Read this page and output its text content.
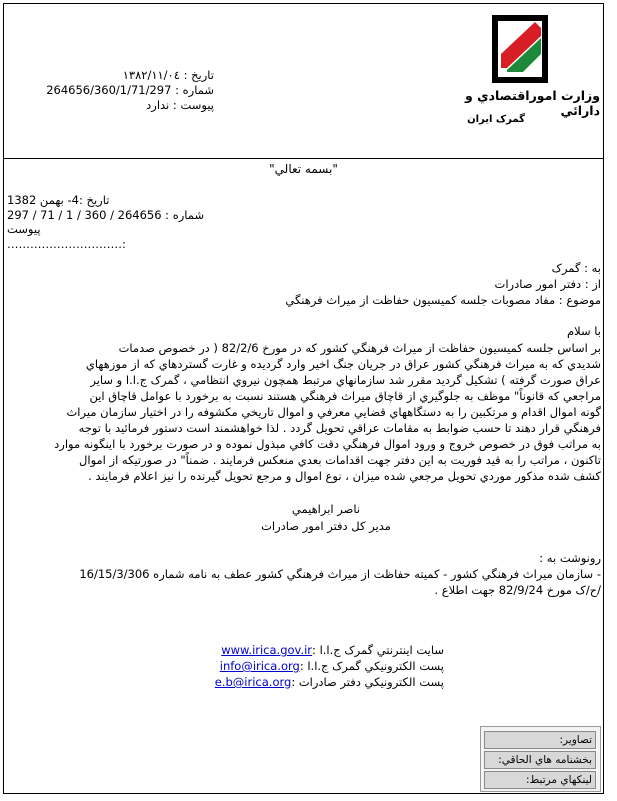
وزارت اموراقتصادي و دارائي
گمرک ايران
تاريخ : ١٣٨٢/١١/٠٤
شماره : 264656/360/1/71/297
پيوست : ندارد
"بسمه تعالي"
تاريخ :4- بهمن 1382
شماره : 264656 / 360 / 1 / 71 / 297
پيوست
…………………………:
به : گمرک
از : دفتر امور صادرات
موضوع : مفاد مصوبات جلسه کميسيون حفاظت از ميراث فرهنگي
با سلام
بر اساس جلسه کميسيون حفاظت از ميراث فرهنگي کشور که در مورخ 82/2/6 ( در خصوص صدمات
شديدي که به ميراث فرهنگي کشور عراق در جريان جنگ اخير وارد گرديده و غارت گستردهاي که از موزههاي
عراق صورت گرفته ) تشکيل گرديد مقرر شد سازمانهاي مرتبط همچون نيروي انتظامي ، گمرک ج.ا.ا و ساير
مراجعي که قانوناً" موظف به جلوگيري از قاچاق ميراث فرهنگي هستند نسبت به برخورد با عوامل قاچاق اين
گونه اموال اقدام و مرتکبين را به دستگاههاي قضايي معرفي و اموال تاريخي مکشوفه را در اختيار سازمان ميراث
فرهنگي قرار دهند تا حسب ضوابط به مقامات عراقي تحويل گردد . لذا خواهشمند است دستور فرمائيد با توجه
به مراتب فوق در خصوص خروج و ورود اموال فرهنگي دقت کافي مبذول نموده و در صورت برخورد با اينگونه موارد
تاکنون ، مراتب را به قيد فوريت به اين دفتر جهت اقدامات بعدي منعکس فرمايند . ضمناً" در صورتيکه از اموال
کشف شده مذکور موردي تحويل مرجعي شده ميزان ، نوع اموال و مرجع تحويل گيرنده را نيز اعلام فرمايند .
ناصر ابراهيمي
مدير کل دفتر امور صادرات
رونوشت به :
- سازمان ميراث فرهنگي کشور - کميته حفاظت از ميراث فرهنگي کشور عطف به نامه شماره 16/15/3/306
/ح/ک مورخ 82/9/24 جهت اطلاع .
سايت اينترنتي گمرک ج.ا.ا :
www.irica.gov.ir
پست الکترونيکي گمرک ج.ا.ا :
info@irica.org
پست الکترونيکي دفتر صادرات :
e.b@irica.org
تصاوير:
بخشنامه هاي الحاقي:
لينکهاي مرتبط:
